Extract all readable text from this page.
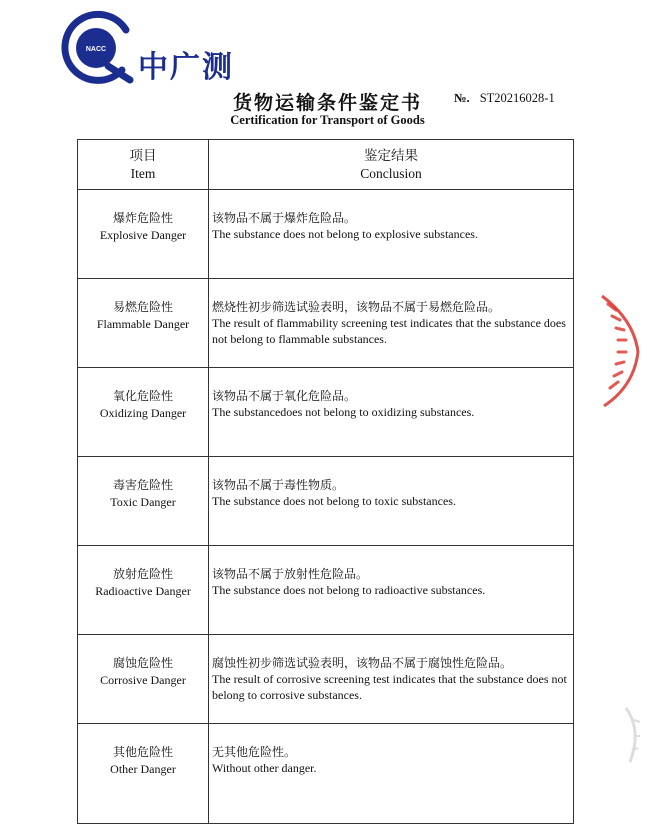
NACC
中广测
货物运输条件鉴定书
Certification for Transport of Goods
№. ST20216028-1
项目
Item	鉴定结果
Conclusion

爆炸危险性
Explosive Danger	该物品不属于爆炸危险品。
The substance does not belong to explosive substances.

易燃危险性
Flammable Danger	燃烧性初步筛选试验表明，该物品不属于易燃危险品。
The result of flammability screening test indicates that the substance does not belong to flammable substances.

氧化危险性
Oxidizing Danger	该物品不属于氧化危险品。
The substancedoes not belong to oxidizing substances.

毒害危险性
Toxic Danger	该物品不属于毒性物质。
The substance does not belong to toxic substances.

放射危险性
Radioactive Danger	该物品不属于放射性危险品。
The substance does not belong to radioactive substances.

腐蚀危险性
Corrosive Danger	腐蚀性初步筛选试验表明，该物品不属于腐蚀性危险品。
The result of corrosive screening test indicates that the substance does not belong to corrosive substances.

其他危险性
Other Danger	无其他危险性。
Without other danger.
